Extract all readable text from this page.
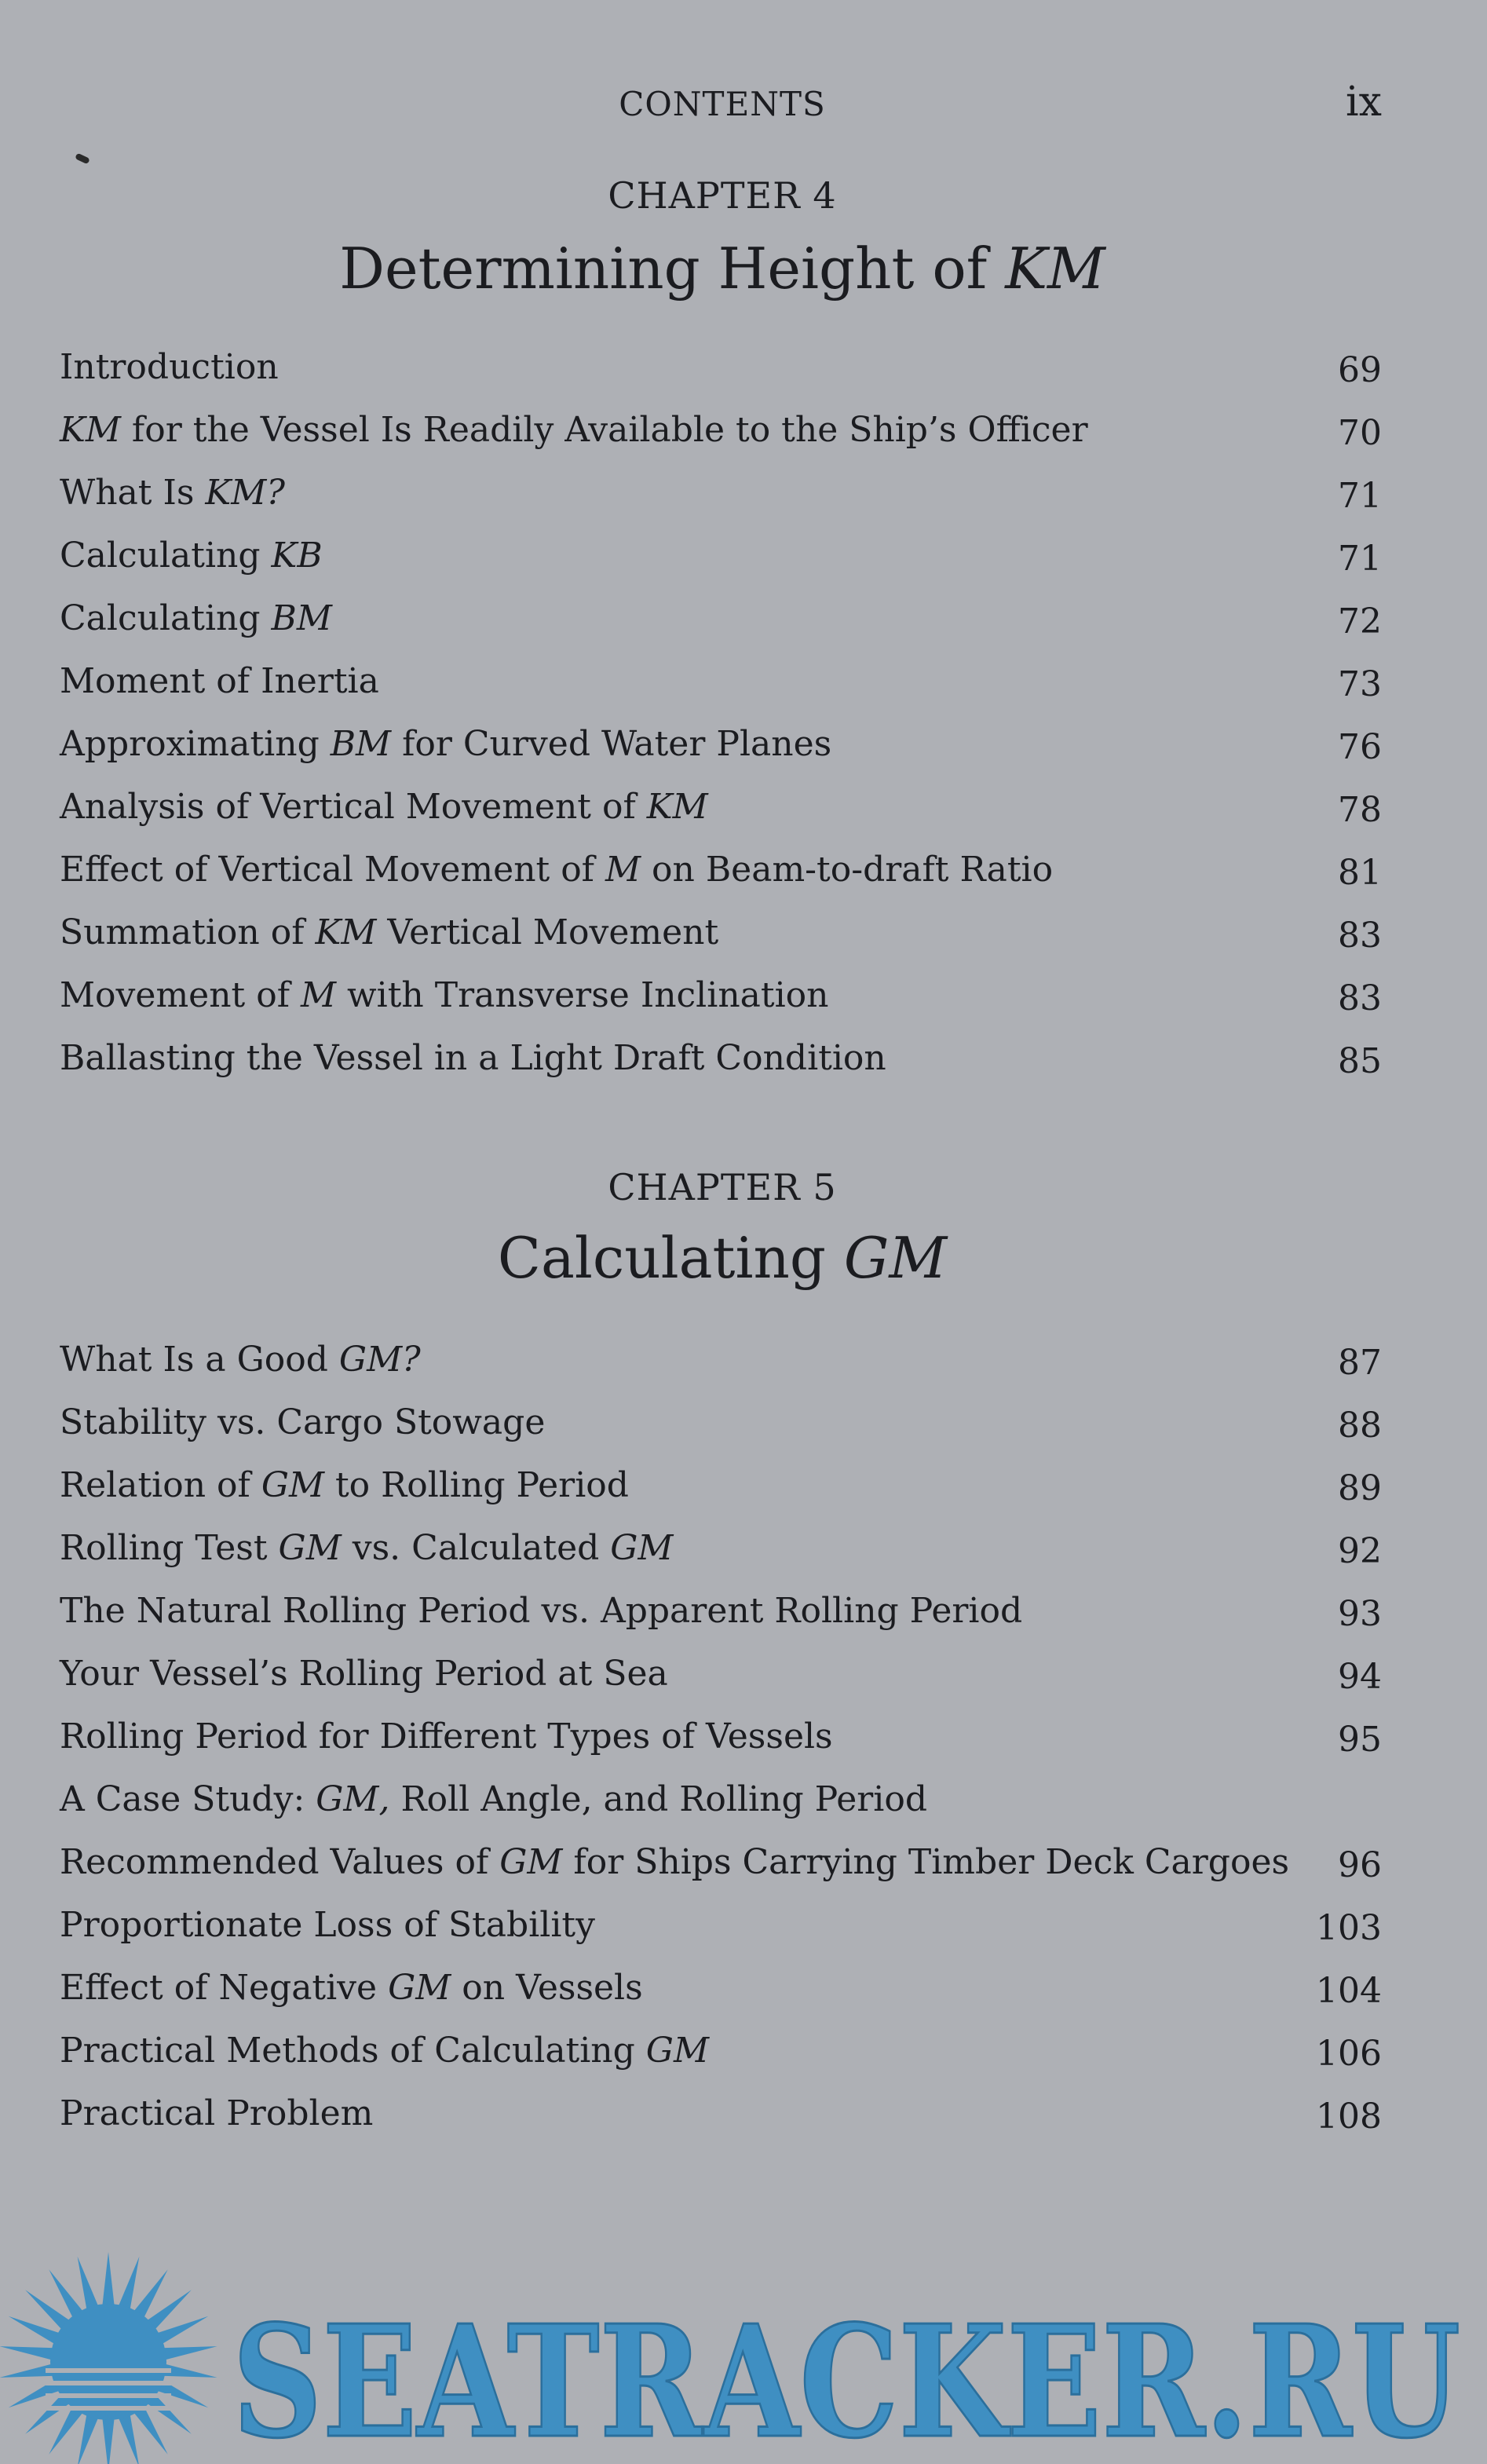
CONTENTS	ix
CHAPTER 4
Determining Height of KM
Introduction	69
KM for the Vessel Is Readily Available to the Ship’s Officer	70
What Is KM?	71
Calculating KB	71
Calculating BM	72
Moment of Inertia	73
Approximating BM for Curved Water Planes	76
Analysis of Vertical Movement of KM	78
Effect of Vertical Movement of M on Beam-to-draft Ratio	81
Summation of KM Vertical Movement	83
Movement of M with Transverse Inclination	83
Ballasting the Vessel in a Light Draft Condition	85
CHAPTER 5
Calculating GM
What Is a Good GM?	87
Stability vs. Cargo Stowage	88
Relation of GM to Rolling Period	89
Rolling Test GM vs. Calculated GM	92
The Natural Rolling Period vs. Apparent Rolling Period	93
Your Vessel’s Rolling Period at Sea	94
Rolling Period for Different Types of Vessels	95
A Case Study: GM, Roll Angle, and Rolling Period
Recommended Values of GM for Ships Carrying Timber Deck Cargoes 96
Proportionate Loss of Stability	103
Effect of Negative GM on Vessels	104
Practical Methods of Calculating GM	106
Practical Problem	108
SEATRACKER.RU
